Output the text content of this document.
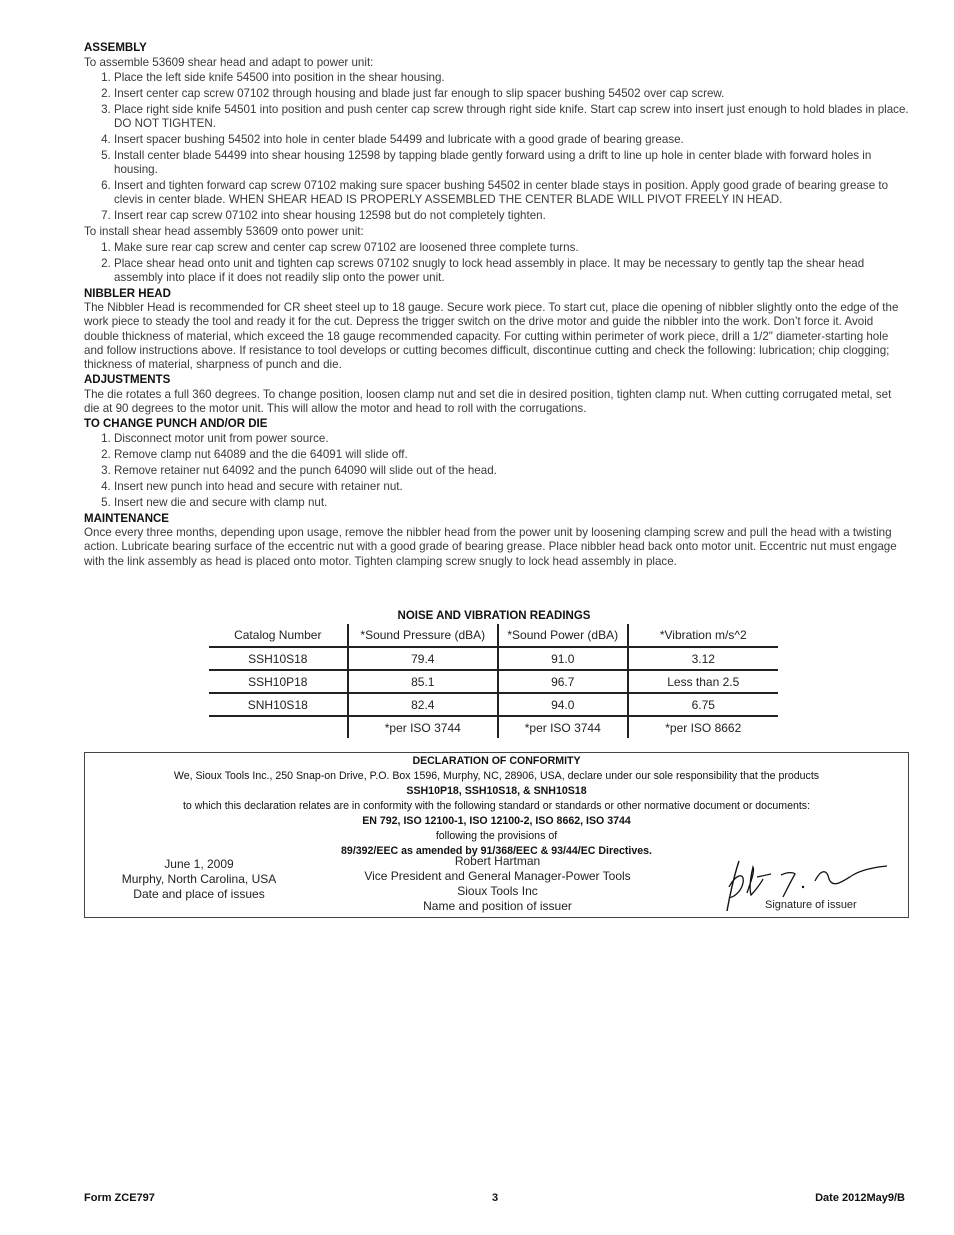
ASSEMBLY

To assemble 53609 shear head and adapt to power unit:

1. Place the left side knife 54500 into position in the shear housing.
2. Insert center cap screw 07102 through housing and blade just far enough to slip spacer bushing 54502 over cap screw.
3. Place right side knife 54501 into position and push center cap screw through right side knife. Start cap screw into insert just enough to hold blades in place. DO NOT TIGHTEN.
4. Insert spacer bushing 54502 into hole in center blade 54499 and lubricate with a good grade of bearing grease.
5. Install center blade 54499 into shear housing 12598 by tapping blade gently forward using a drift to line up hole in center blade with forward holes in housing.
6. Insert and tighten forward cap screw 07102 making sure spacer bushing 54502 in center blade stays in position. Apply good grade of bearing grease to clevis in center blade. WHEN SHEAR HEAD IS PROPERLY ASSEMBLED THE CENTER BLADE WILL PIVOT FREELY IN HEAD.
7. Insert rear cap screw 07102 into shear housing 12598 but do not completely tighten.

To install shear head assembly 53609 onto power unit:

1. Make sure rear cap screw and center cap screw 07102 are loosened three complete turns.
2. Place shear head onto unit and tighten cap screws 07102 snugly to lock head assembly in place. It may be necessary to gently tap the shear head assembly into place if it does not readily slip onto the power unit.
NIBBLER HEAD

The Nibbler Head is recommended for CR sheet steel up to 18 gauge. Secure work piece. To start cut, place die opening of nibbler slightly onto the edge of the work piece to steady the tool and ready it for the cut. Depress the trigger switch on the drive motor and guide the nibbler into the work. Don’t force it. Avoid double thickness of material, which exceed the 18 gauge recommended capacity. For cutting within perimeter of work piece, drill a 1/2" diameter-starting hole and follow instructions above. If resistance to tool develops or cutting becomes difficult, discontinue cutting and check the following: lubrication; chip clogging; thickness of material, sharpness of punch and die.

ADJUSTMENTS

The die rotates a full 360 degrees. To change position, loosen clamp nut and set die in desired position, tighten clamp nut. When cutting corrugated metal, set die at 90 degrees to the motor unit. This will allow the motor and head to roll with the corrugations.

TO CHANGE PUNCH AND/OR DIE
1. Disconnect motor unit from power source.
2. Remove clamp nut 64089 and the die 64091 will slide off.
3. Remove retainer nut 64092 and the punch 64090 will slide out of the head.
4. Insert new punch into head and secure with retainer nut.
5. Insert new die and secure with clamp nut.
MAINTENANCE

Once every three months, depending upon usage, remove the nibbler head from the power unit by loosening clamping screw and pull the head with a twisting action. Lubricate bearing surface of the eccentric nut with a good grade of bearing grease. Place nibbler head back onto motor unit. Eccentric nut must engage with the link assembly as head is placed onto motor. Tighten clamping screw snugly to lock head assembly in place.

NOISE AND VIBRATION READINGS
Catalog Number	*Sound Pressure (dBA)	*Sound Power (dBA)	*Vibration m/s^2
SSH10S18	79.4	91.0	3.12
SSH10P18	85.1	96.7	Less than 2.5
SNH10S18	82.4	94.0	6.75
	*per ISO 3744	*per ISO 3744	*per ISO 8662
DECLARATION OF CONFORMITY
We, Sioux Tools Inc., 250 Snap-on Drive, P.O. Box 1596, Murphy, NC, 28906, USA, declare under our sole responsibility that the products
SSH10P18, SSH10S18, & SNH10S18
to which this declaration relates are in conformity with the following standard or standards or other normative document or documents:
EN 792, ISO 12100-1, ISO 12100-2, ISO 8662, ISO 3744
following the provisions of
89/392/EEC as amended by 91/368/EEC & 93/44/EC Directives.
June 1, 2009
Murphy, North Carolina, USA
Date and place of issues
Robert Hartman
Vice President and General Manager-Power Tools
Sioux Tools Inc
Name and position of issuer	Signature of issuer
Form ZCE797	3	Date 2012May9/B
